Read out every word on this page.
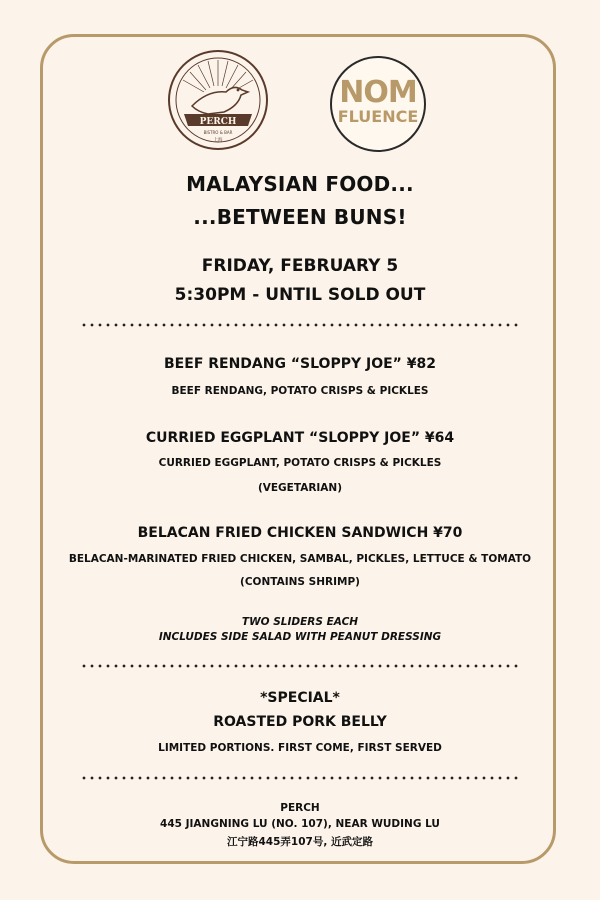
PERCH
BISTRO & BAR
上海
NOM
FLUENCE
MALAYSIAN FOOD...
...BETWEEN BUNS!
FRIDAY, FEBRUARY 5
5:30PM - UNTIL SOLD OUT
BEEF RENDANG “SLOPPY JOE” ¥82
BEEF RENDANG, POTATO CRISPS & PICKLES
CURRIED EGGPLANT “SLOPPY JOE” ¥64
CURRIED EGGPLANT, POTATO CRISPS & PICKLES
(VEGETARIAN)
BELACAN FRIED CHICKEN SANDWICH ¥70
BELACAN-MARINATED FRIED CHICKEN, SAMBAL, PICKLES, LETTUCE & TOMATO
(CONTAINS SHRIMP)
TWO SLIDERS EACH
INCLUDES SIDE SALAD WITH PEANUT DRESSING
*SPECIAL*
ROASTED PORK BELLY
LIMITED PORTIONS. FIRST COME, FIRST SERVED
PERCH
445 JIANGNING LU (NO. 107), NEAR WUDING LU
江宁路445弄107号, 近武定路
